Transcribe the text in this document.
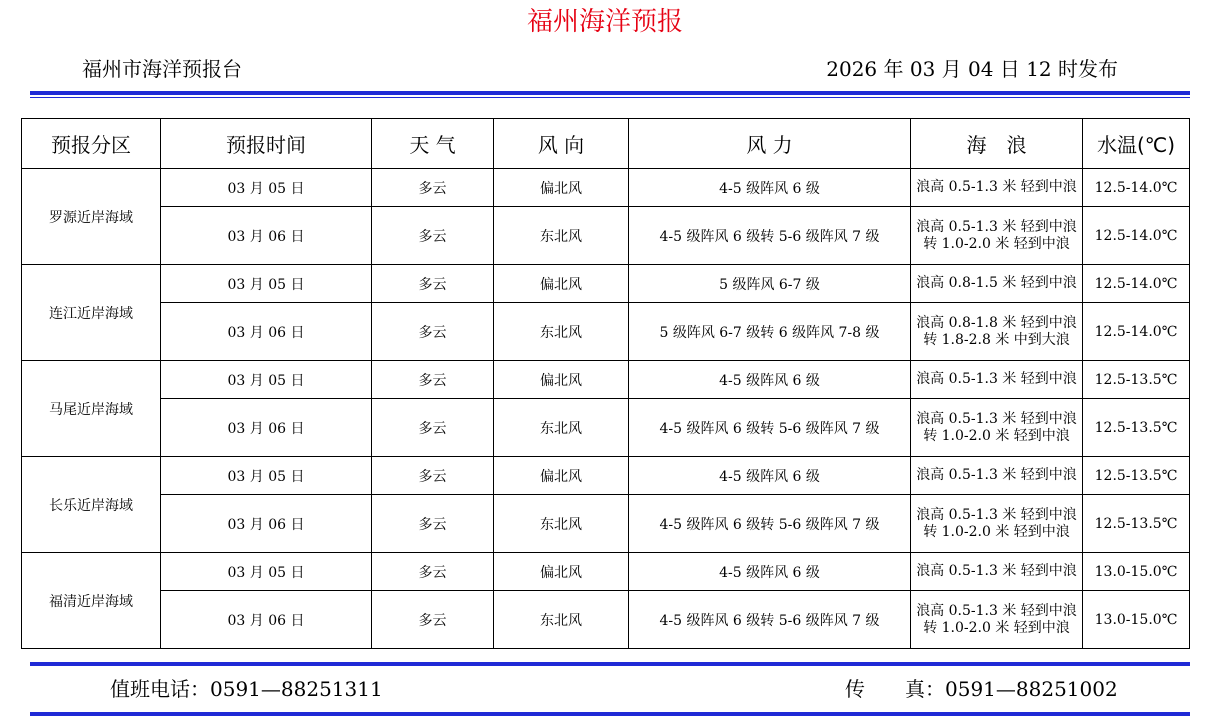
福州海洋预报
福州市海洋预报台	2026 年 03 月 04 日 12 时发布
预报分区	预报时间	天 气	风 向	风 力	海　浪	水温(℃)
罗源近岸海域	03 月 05 日	多云	偏北风	4-5 级阵风 6 级	浪高 0.5-1.3 米 轻到中浪	12.5-14.0℃
	03 月 06 日	多云	东北风	4-5 级阵风 6 级转 5-6 级阵风 7 级	浪高 0.5-1.3 米 轻到中浪 转 1.0-2.0 米 轻到中浪	12.5-14.0℃
连江近岸海域	03 月 05 日	多云	偏北风	5 级阵风 6-7 级	浪高 0.8-1.5 米 轻到中浪	12.5-14.0℃
	03 月 06 日	多云	东北风	5 级阵风 6-7 级转 6 级阵风 7-8 级	浪高 0.8-1.8 米 轻到中浪 转 1.8-2.8 米 中到大浪	12.5-14.0℃
马尾近岸海域	03 月 05 日	多云	偏北风	4-5 级阵风 6 级	浪高 0.5-1.3 米 轻到中浪	12.5-13.5℃
	03 月 06 日	多云	东北风	4-5 级阵风 6 级转 5-6 级阵风 7 级	浪高 0.5-1.3 米 轻到中浪 转 1.0-2.0 米 轻到中浪	12.5-13.5℃
长乐近岸海域	03 月 05 日	多云	偏北风	4-5 级阵风 6 级	浪高 0.5-1.3 米 轻到中浪	12.5-13.5℃
	03 月 06 日	多云	东北风	4-5 级阵风 6 级转 5-6 级阵风 7 级	浪高 0.5-1.3 米 轻到中浪 转 1.0-2.0 米 轻到中浪	12.5-13.5℃
福清近岸海域	03 月 05 日	多云	偏北风	4-5 级阵风 6 级	浪高 0.5-1.3 米 轻到中浪	13.0-15.0℃
	03 月 06 日	多云	东北风	4-5 级阵风 6 级转 5-6 级阵风 7 级	浪高 0.5-1.3 米 轻到中浪 转 1.0-2.0 米 轻到中浪	13.0-15.0℃
值班电话：0591—88251311	传　　真：0591—88251002
